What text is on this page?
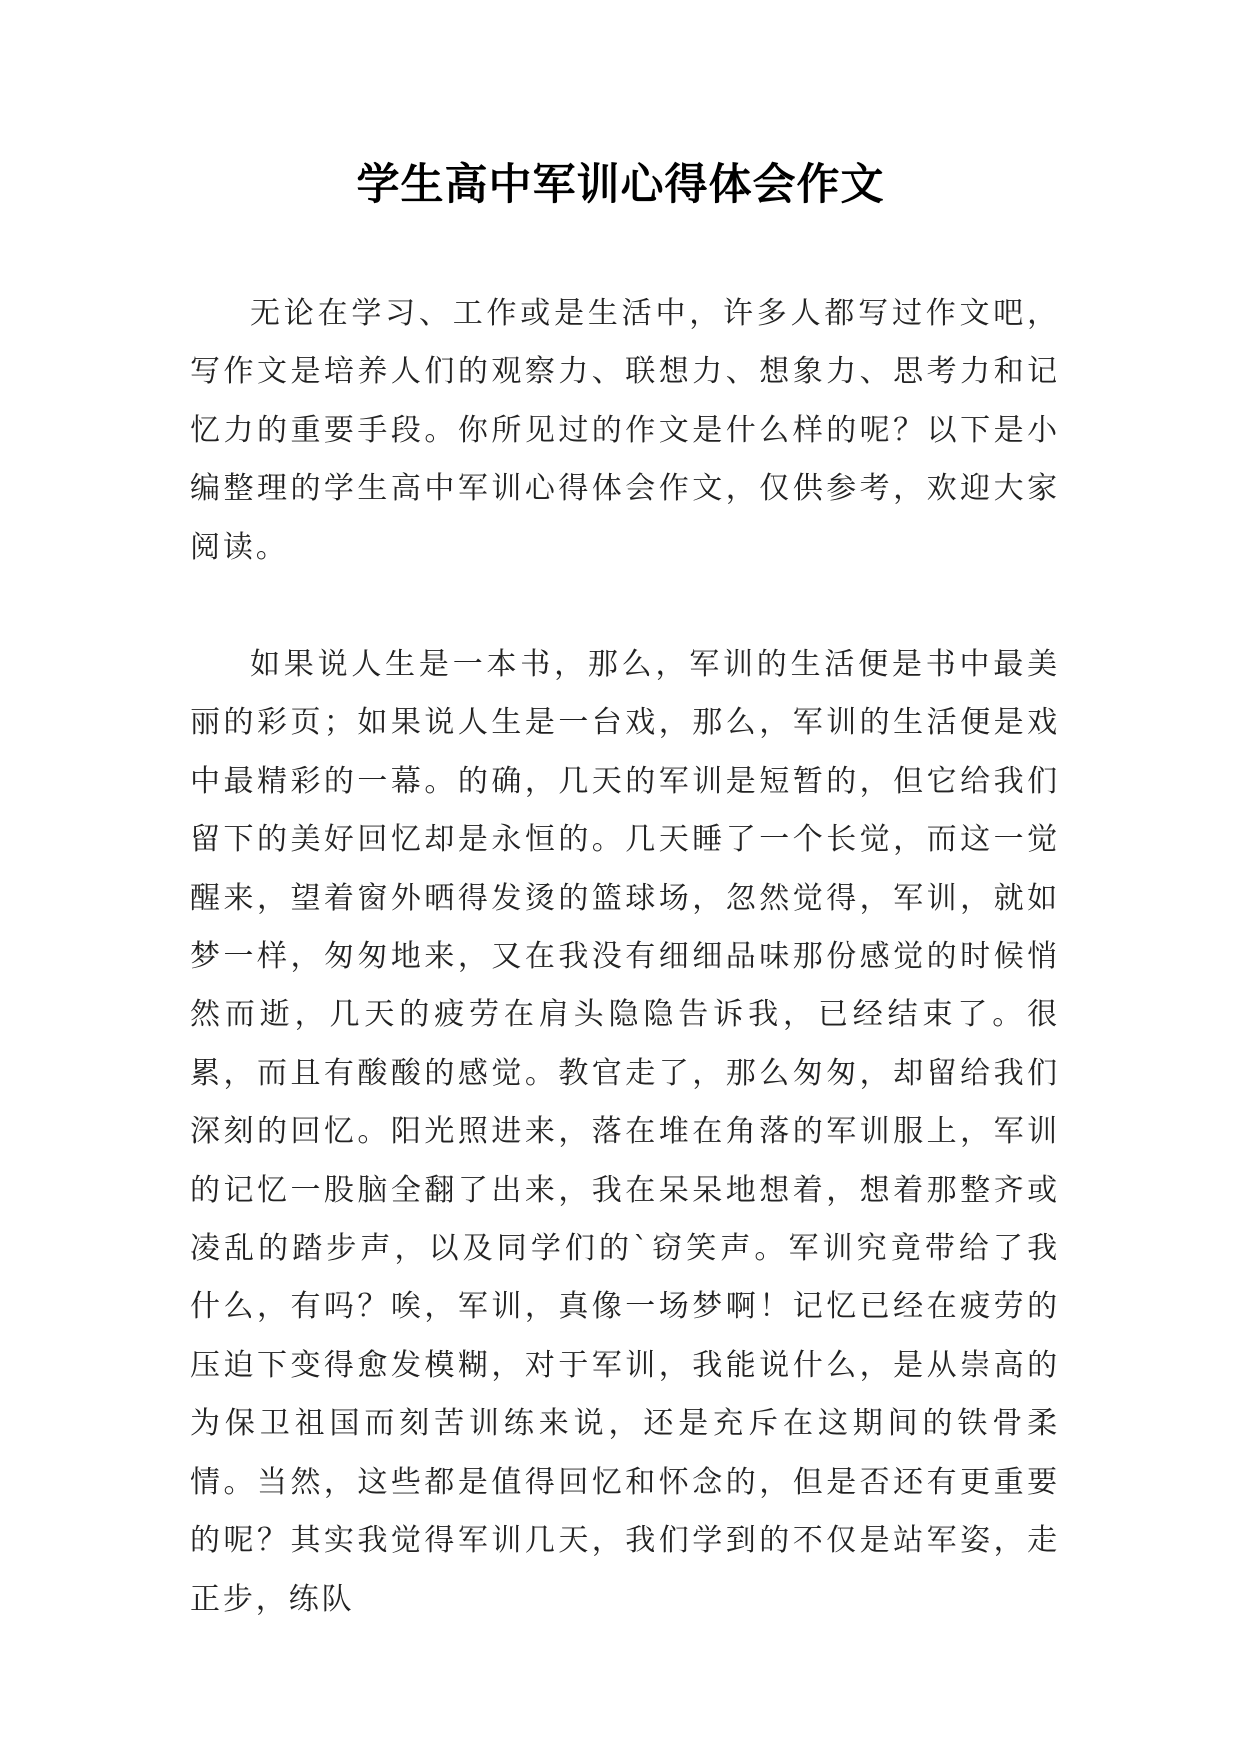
学生高中军训心得体会作文

无论在学习、工作或是生活中，许多人都写过作文吧，写作文是培养人们的观察力、联想力、想象力、思考力和记忆力的重要手段。你所见过的作文是什么样的呢？以下是小编整理的学生高中军训心得体会作文，仅供参考，欢迎大家阅读。

如果说人生是一本书，那么，军训的生活便是书中最美丽的彩页；如果说人生是一台戏，那么，军训的生活便是戏中最精彩的一幕。的确，几天的军训是短暂的，但它给我们留下的美好回忆却是永恒的。几天睡了一个长觉，而这一觉醒来，望着窗外晒得发烫的篮球场，忽然觉得，军训，就如梦一样，匆匆地来，又在我没有细细品味那份感觉的时候悄然而逝，几天的疲劳在肩头隐隐告诉我，已经结束了。很累，而且有酸酸的感觉。教官走了，那么匆匆，却留给我们深刻的回忆。阳光照进来，落在堆在角落的军训服上，军训的记忆一股脑全翻了出来，我在呆呆地想着，想着那整齐或凌乱的踏步声，以及同学们的`窃笑声。军训究竟带给了我什么，有吗？唉，军训，真像一场梦啊！记忆已经在疲劳的压迫下变得愈发模糊，对于军训，我能说什么，是从崇高的为保卫祖国而刻苦训练来说，还是充斥在这期间的铁骨柔情。当然，这些都是值得回忆和怀念的，但是否还有更重要的呢？其实我觉得军训几天，我们学到的不仅是站军姿，走正步，练队
